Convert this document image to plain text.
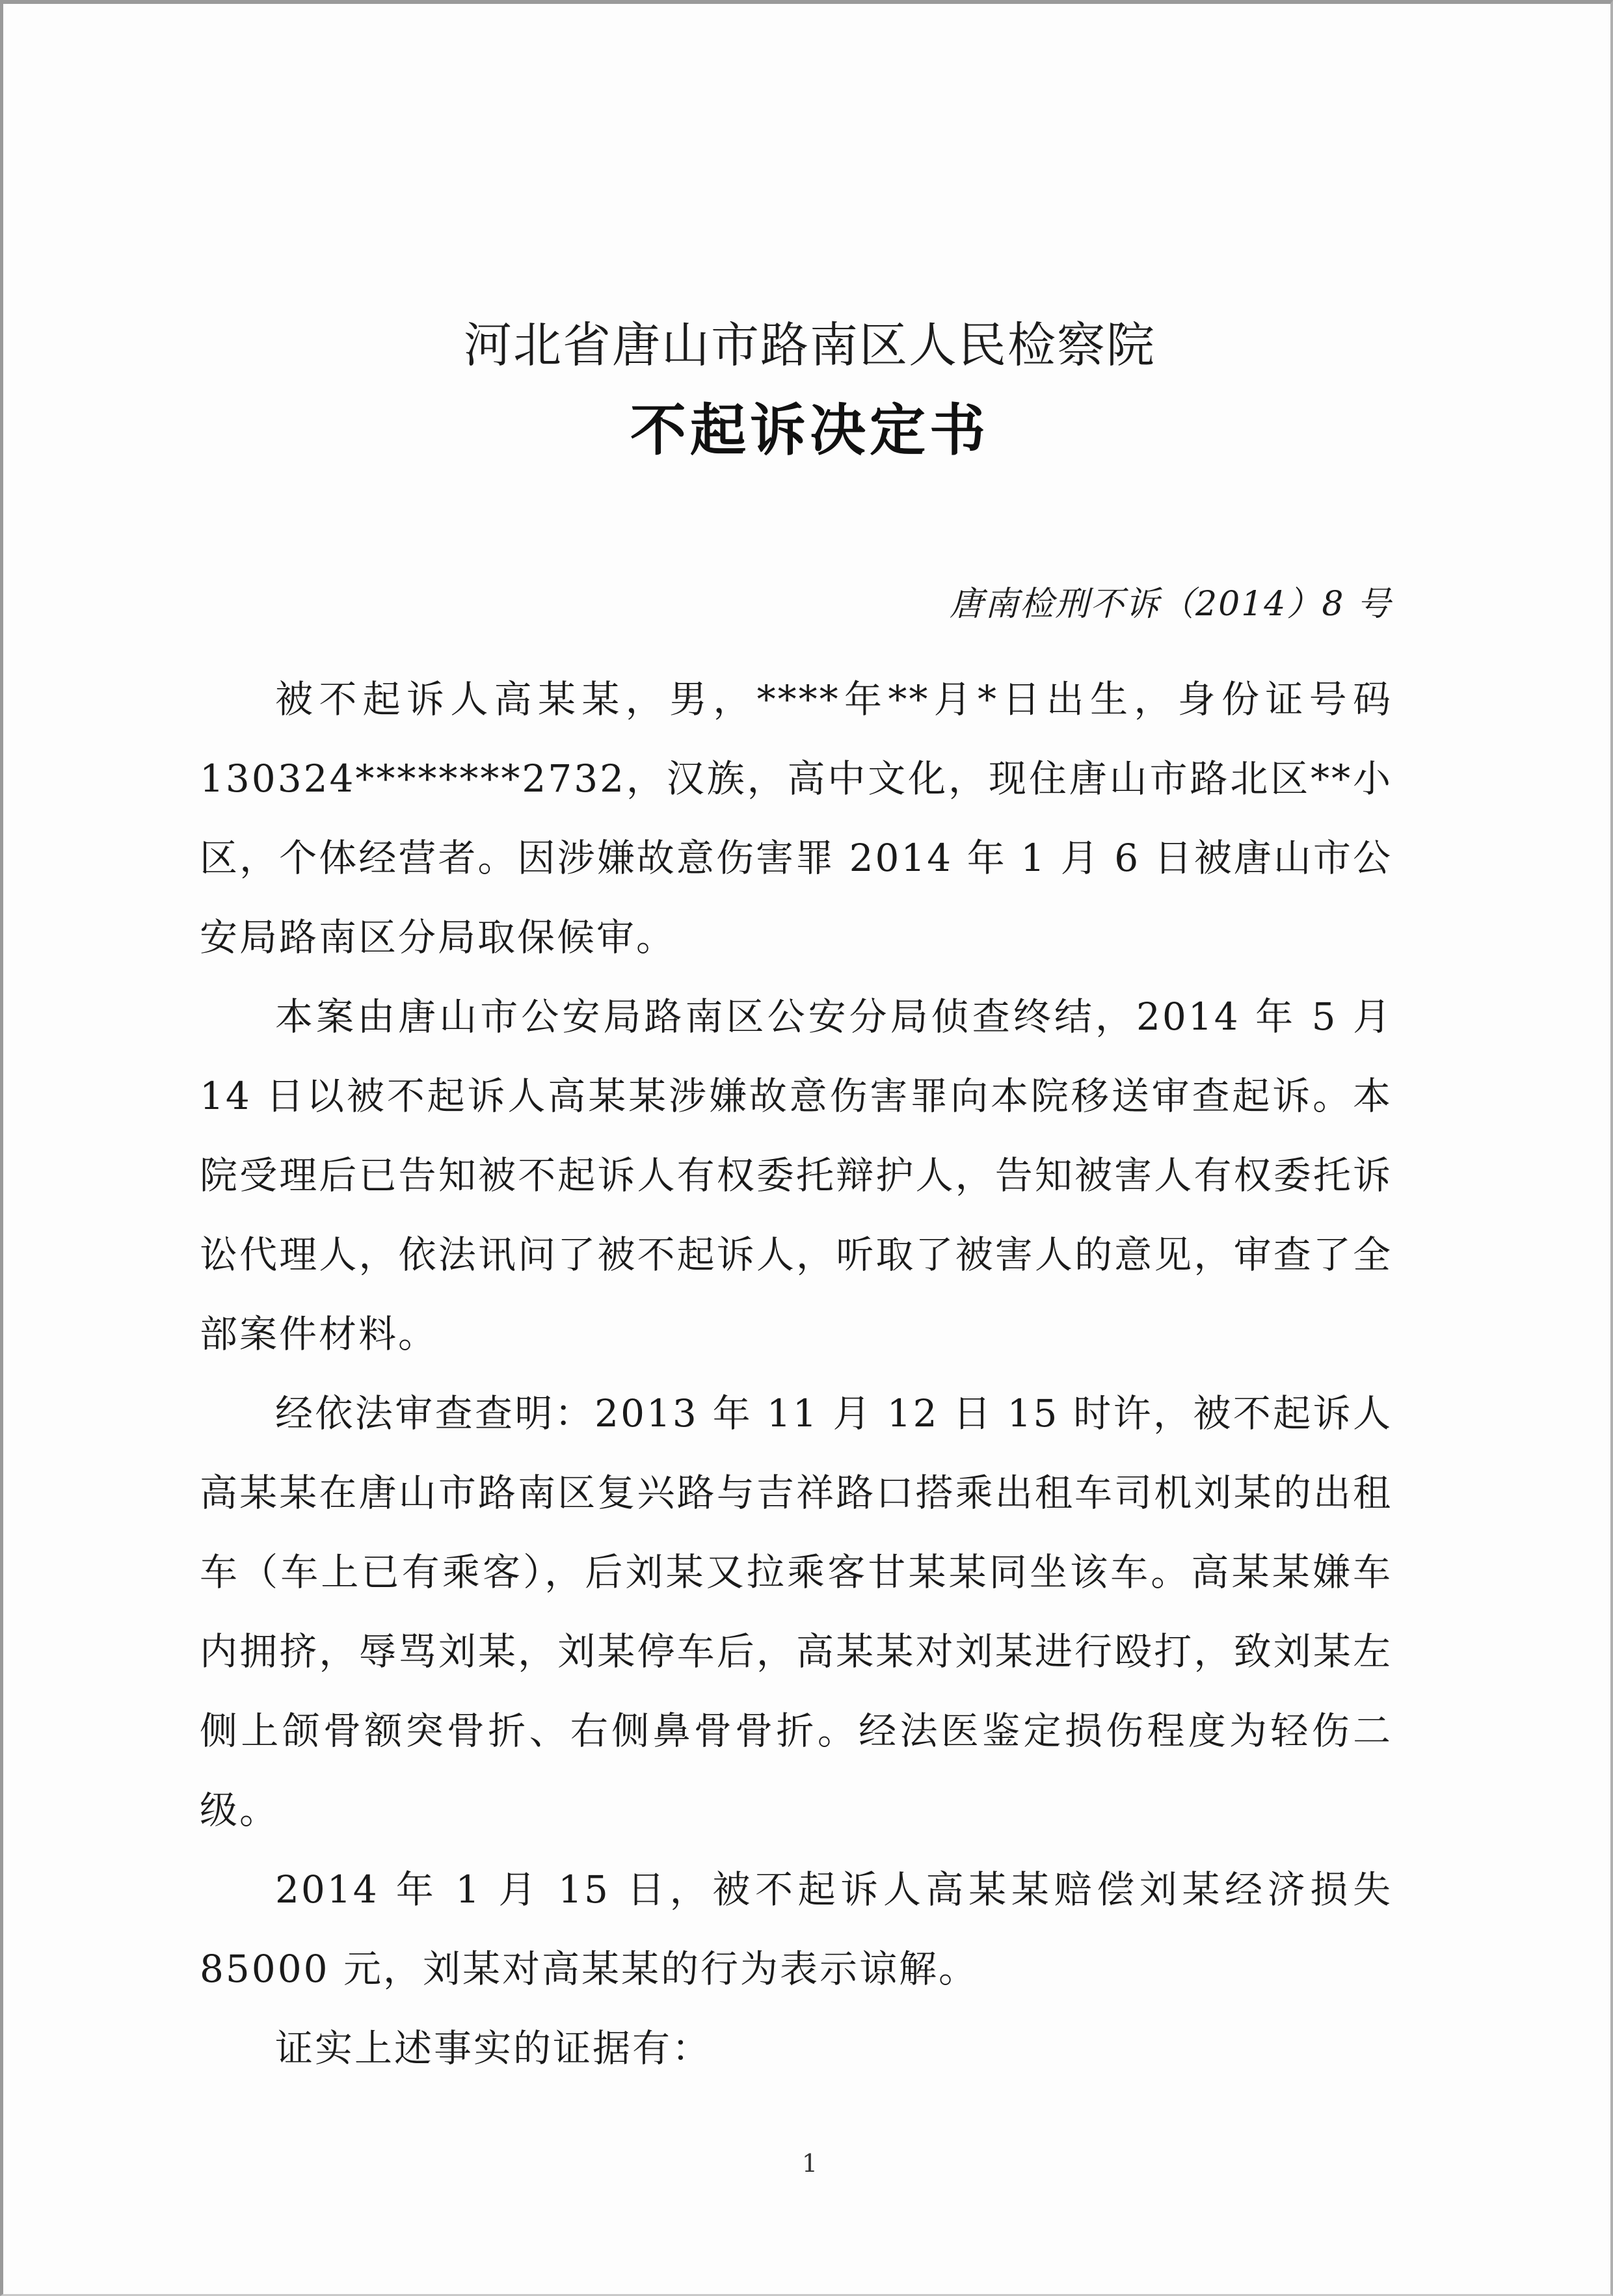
河北省唐山市路南区人民检察院
不起诉决定书
唐南检刑不诉（2014）8 号

被不起诉人高某某，男，****年**月*日出生，身份证号码130324********2732，汉族，高中文化，现住唐山市路北区**小区，个体经营者。因涉嫌故意伤害罪 2014 年 1 月 6 日被唐山市公安局路南区分局取保候审。

本案由唐山市公安局路南区公安分局侦查终结，2014 年 5 月 14 日以被不起诉人高某某涉嫌故意伤害罪向本院移送审查起诉。本院受理后已告知被不起诉人有权委托辩护人，告知被害人有权委托诉讼代理人，依法讯问了被不起诉人，听取了被害人的意见，审查了全部案件材料。

经依法审查查明：2013 年 11 月 12 日 15 时许，被不起诉人高某某在唐山市路南区复兴路与吉祥路口搭乘出租车司机刘某的出租车（车上已有乘客），后刘某又拉乘客甘某某同坐该车。高某某嫌车内拥挤，辱骂刘某，刘某停车后，高某某对刘某进行殴打，致刘某左侧上颌骨额突骨折、右侧鼻骨骨折。经法医鉴定损伤程度为轻伤二级。

2014 年 1 月 15 日，被不起诉人高某某赔偿刘某经济损失85000 元，刘某对高某某的行为表示谅解。

证实上述事实的证据有：

1
